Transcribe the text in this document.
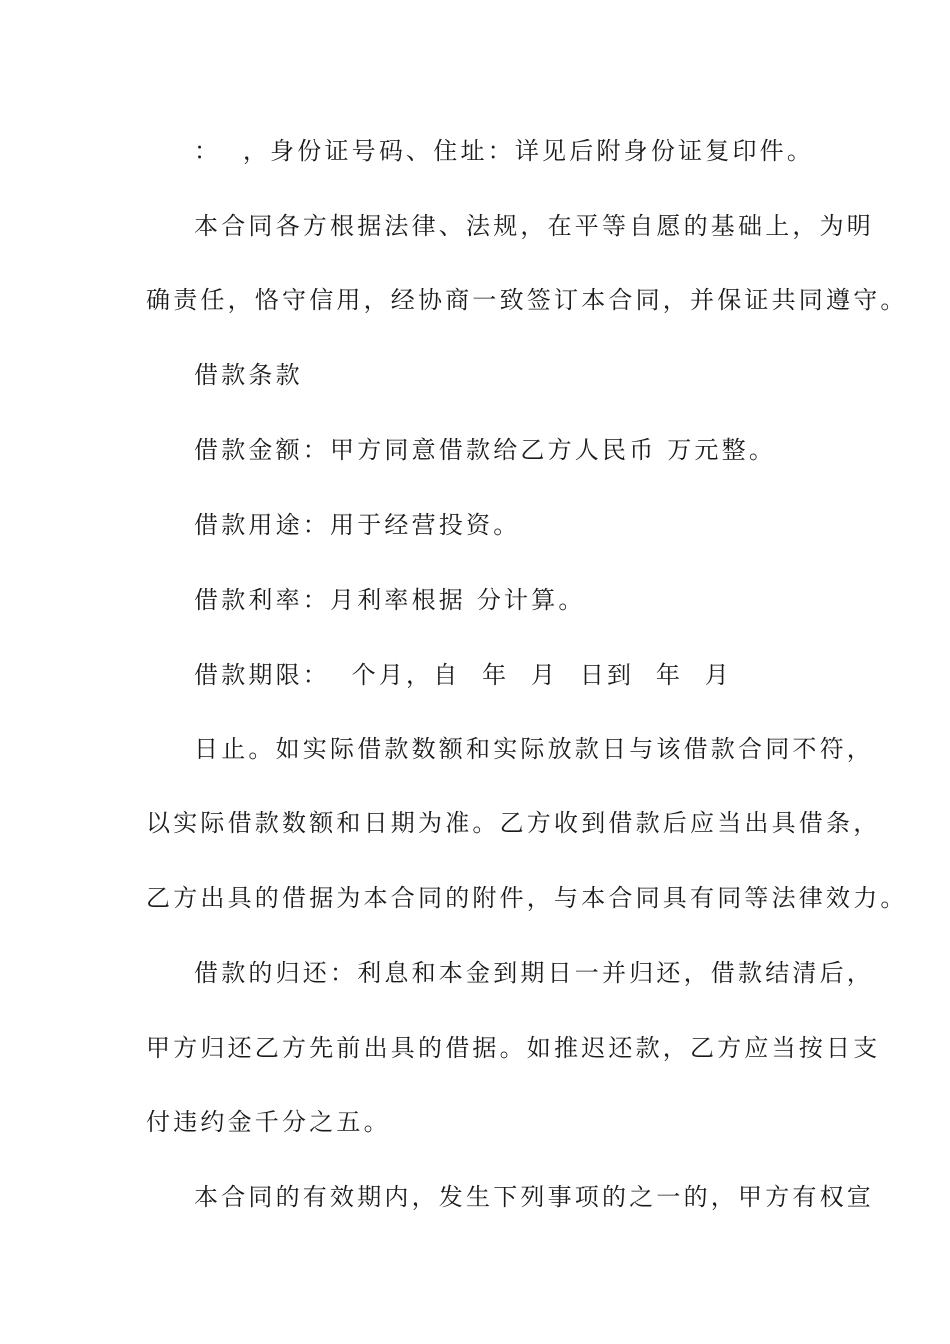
：  ，身份证号码、住址：详见后附身份证复印件。

本合同各方根据法律、法规，在平等自愿的基础上，为明

确责任，恪守信用，经协商一致签订本合同，并保证共同遵守。

借款条款

借款金额：甲方同意借款给乙方人民币 万元整。

借款用途：用于经营投资。

借款利率：月利率根据 分计算。

借款期限：  个月，自  年  月  日到  年  月

日止。如实际借款数额和实际放款日与该借款合同不符，

以实际借款数额和日期为准。乙方收到借款后应当出具借条，

乙方出具的借据为本合同的附件，与本合同具有同等法律效力。

借款的归还：利息和本金到期日一并归还，借款结清后，

甲方归还乙方先前出具的借据。如推迟还款，乙方应当按日支

付违约金千分之五。

本合同的有效期内，发生下列事项的之一的，甲方有权宣
